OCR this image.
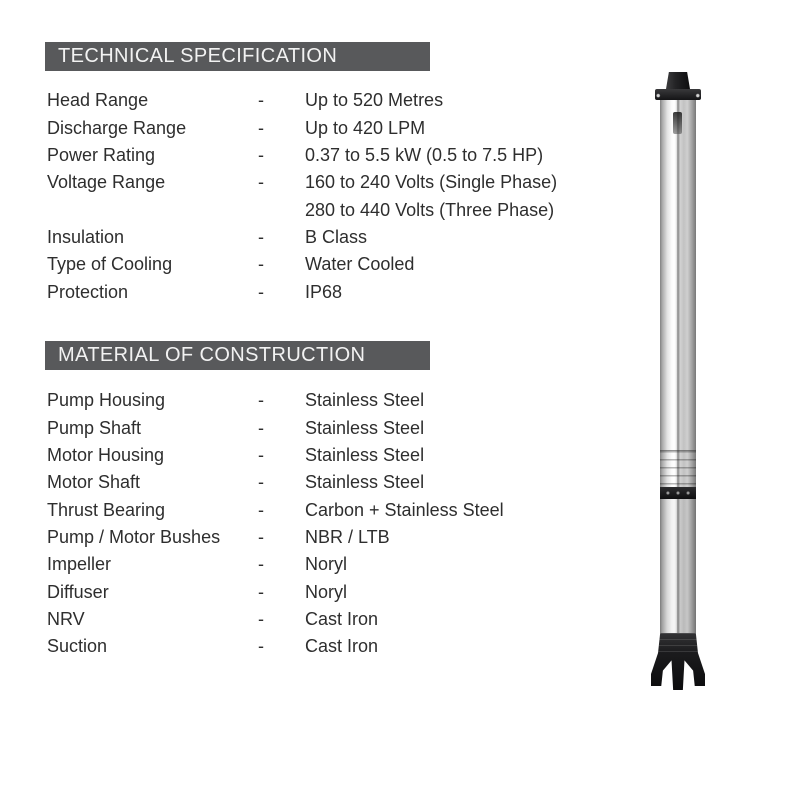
TECHNICAL SPECIFICATION
Head Range	-	Up to 520 Metres
Discharge Range	-	Up to 420 LPM
Power Rating	-	0.37 to 5.5 kW (0.5 to 7.5 HP)
Voltage Range	-	160 to 240 Volts (Single Phase)
280 to 440 Volts (Three Phase)
Insulation	-	B Class
Type of Cooling	-	Water Cooled
Protection	-	IP68
MATERIAL OF CONSTRUCTION
Pump Housing	-	Stainless Steel
Pump Shaft	-	Stainless Steel
Motor Housing	-	Stainless Steel
Motor Shaft	-	Stainless Steel
Thrust Bearing	-	Carbon + Stainless Steel
Pump / Motor Bushes	-	NBR / LTB
Impeller	-	Noryl
Diffuser	-	Noryl
NRV	-	Cast Iron
Suction	-	Cast Iron
